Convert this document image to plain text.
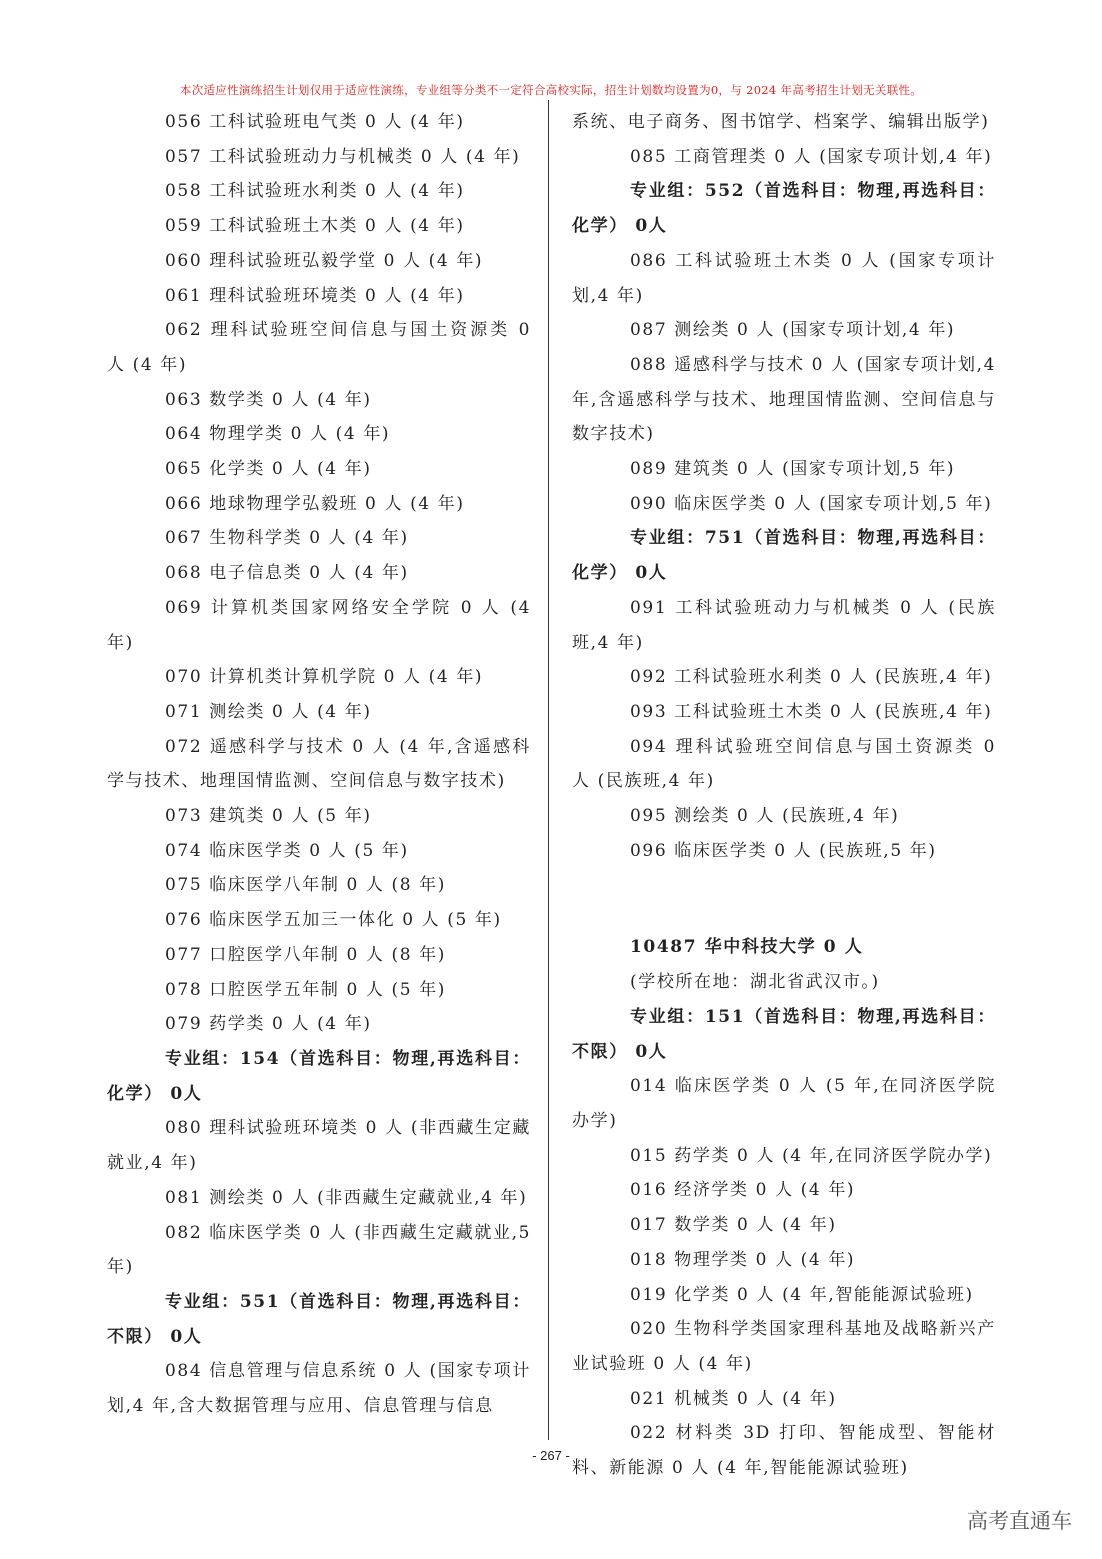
本次适应性演练招生计划仅用于适应性演练，专业组等分类不一定符合高校实际，招生计划数均设置为0，与 2024 年高考招生计划无关联性。

056 工科试验班电气类 0 人 (4 年)

057 工科试验班动力与机械类 0 人 (4 年)

058 工科试验班水利类 0 人 (4 年)

059 工科试验班土木类 0 人 (4 年)

060 理科试验班弘毅学堂 0 人 (4 年)

061 理科试验班环境类 0 人 (4 年)

062 理科试验班空间信息与国土资源类 0 人 (4 年)

063 数学类 0 人 (4 年)

064 物理学类 0 人 (4 年)

065 化学类 0 人 (4 年)

066 地球物理学弘毅班 0 人 (4 年)

067 生物科学类 0 人 (4 年)

068 电子信息类 0 人 (4 年)

069 计算机类国家网络安全学院 0 人 (4 年)

070 计算机类计算机学院 0 人 (4 年)

071 测绘类 0 人 (4 年)

072 遥感科学与技术 0 人 (4 年,含遥感科学与技术、地理国情监测、空间信息与数字技术)

073 建筑类 0 人 (5 年)

074 临床医学类 0 人 (5 年)

075 临床医学八年制 0 人 (8 年)

076 临床医学五加三一体化 0 人 (5 年)

077 口腔医学八年制 0 人 (8 年)

078 口腔医学五年制 0 人 (5 年)

079 药学类 0 人 (4 年)

专业组：154（首选科目：物理,再选科目：化学） 0人

080 理科试验班环境类 0 人 (非西藏生定藏就业,4 年)

081 测绘类 0 人 (非西藏生定藏就业,4 年)

082 临床医学类 0 人 (非西藏生定藏就业,5 年)

专业组：551（首选科目：物理,再选科目：不限） 0人

084 信息管理与信息系统 0 人 (国家专项计划,4 年,含大数据管理与应用、信息管理与信息

系统、电子商务、图书馆学、档案学、编辑出版学)

085 工商管理类 0 人 (国家专项计划,4 年)

专业组：552（首选科目：物理,再选科目：化学） 0人

086 工科试验班土木类 0 人 (国家专项计划,4 年)

087 测绘类 0 人 (国家专项计划,4 年)

088 遥感科学与技术 0 人 (国家专项计划,4 年,含遥感科学与技术、地理国情监测、空间信息与数字技术)

089 建筑类 0 人 (国家专项计划,5 年)

090 临床医学类 0 人 (国家专项计划,5 年)

专业组：751（首选科目：物理,再选科目：化学） 0人

091 工科试验班动力与机械类 0 人 (民族班,4 年)

092 工科试验班水利类 0 人 (民族班,4 年)

093 工科试验班土木类 0 人 (民族班,4 年)

094 理科试验班空间信息与国土资源类 0 人 (民族班,4 年)

095 测绘类 0 人 (民族班,4 年)

096 临床医学类 0 人 (民族班,5 年)

10487 华中科技大学 0 人

(学校所在地：湖北省武汉市。)

专业组：151（首选科目：物理,再选科目：不限） 0人

014 临床医学类 0 人 (5 年,在同济医学院办学)

015 药学类 0 人 (4 年,在同济医学院办学)

016 经济学类 0 人 (4 年)

017 数学类 0 人 (4 年)

018 物理学类 0 人 (4 年)

019 化学类 0 人 (4 年,智能能源试验班)

020 生物科学类国家理科基地及战略新兴产业试验班 0 人 (4 年)

021 机械类 0 人 (4 年)

022 材料类 3D 打印、智能成型、智能材料、新能源 0 人 (4 年,智能能源试验班)

- 267 -
高考直通车
